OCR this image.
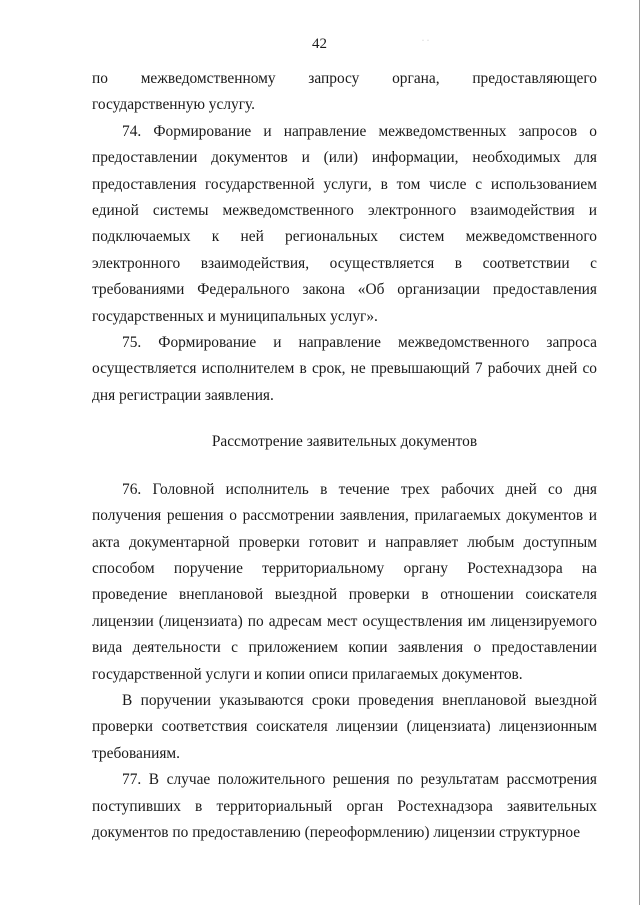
42	·  ·

по межведомственному запросу органа, предоставляющего государственную услугу.

74. Формирование и направление межведомственных запросов о предоставлении документов и (или) информации, необходимых для предоставления государственной услуги, в том числе с использованием единой системы межведомственного электронного взаимодействия и подключаемых к ней региональных систем межведомственного электронного взаимодействия, осуществляется в соответствии с требованиями Федерального закона «Об организации предоставления государственных и муниципальных услуг».

75. Формирование и направление межведомственного запроса осуществляется исполнителем в срок, не превышающий 7 рабочих дней со дня регистрации заявления.

Рассмотрение заявительных документов

76. Головной исполнитель в течение трех рабочих дней со дня получения решения о рассмотрении заявления, прилагаемых документов и акта документарной проверки готовит и направляет любым доступным способом поручение территориальному органу Ростехнадзора на проведение внеплановой выездной проверки в отношении соискателя лицензии (лицензиата) по адресам мест осуществления им лицензируемого вида деятельности с приложением копии заявления о предоставлении государственной услуги и копии описи прилагаемых документов.

В поручении указываются сроки проведения внеплановой выездной проверки соответствия соискателя лицензии (лицензиата) лицензионным требованиям.

77. В случае положительного решения по результатам рассмотрения поступивших в территориальный орган Ростехнадзора заявительных документов по предоставлению (переоформлению) лицензии структурное
